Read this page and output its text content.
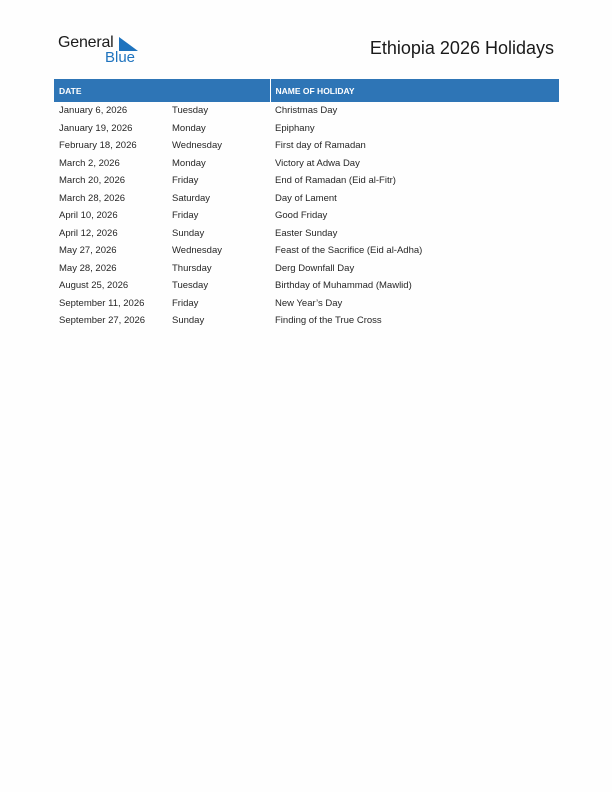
General
Blue	Ethiopia 2026 Holidays
DATE		NAME OF HOLIDAY
January 6, 2026	Tuesday	Christmas Day
January 19, 2026	Monday	Epiphany
February 18, 2026	Wednesday	First day of Ramadan
March 2, 2026	Monday	Victory at Adwa Day
March 20, 2026	Friday	End of Ramadan (Eid al-Fitr)
March 28, 2026	Saturday	Day of Lament
April 10, 2026	Friday	Good Friday
April 12, 2026	Sunday	Easter Sunday
May 27, 2026	Wednesday	Feast of the Sacrifice (Eid al-Adha)
May 28, 2026	Thursday	Derg Downfall Day
August 25, 2026	Tuesday	Birthday of Muhammad (Mawlid)
September 11, 2026	Friday	New Year’s Day
September 27, 2026	Sunday	Finding of the True Cross
